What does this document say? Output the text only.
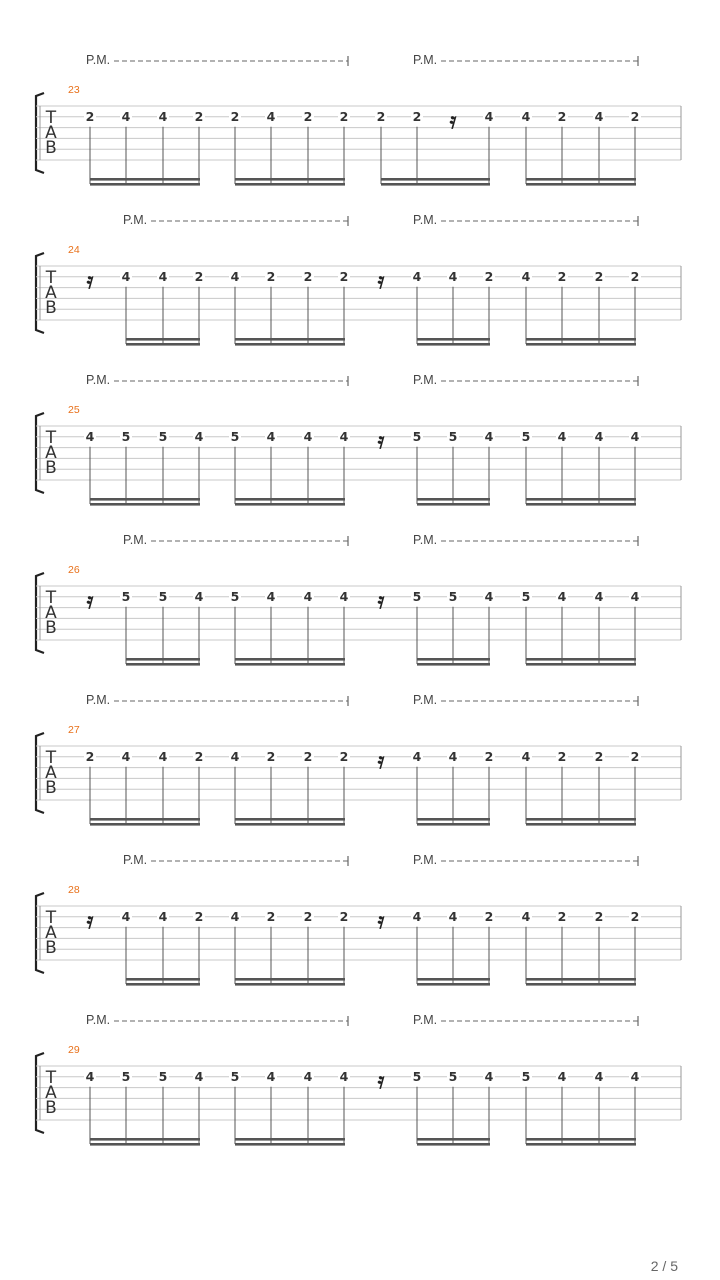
23
T
A
B
P.M.	P.M.
2 4 4 2 2 4 2 2 2 2 𝄿 4 4 2 4 2
24
T
A
B
P.M.	P.M.
𝄿 4 4 2 4 2 2 2 𝄿 4 4 2 4 2 2 2
25
T
A
B
P.M.	P.M.
4 5 5 4 5 4 4 4 𝄿 5 5 4 5 4 4 4
26
T
A
B
P.M.	P.M.
𝄿 5 5 4 5 4 4 4 𝄿 5 5 4 5 4 4 4
27
T
A
B
P.M.	P.M.
2 4 4 2 4 2 2 2 𝄿 4 4 2 4 2 2 2
28
T
A
B
P.M.	P.M.
𝄿 4 4 2 4 2 2 2 𝄿 4 4 2 4 2 2 2
29
T
A
B
P.M.	P.M.
4 5 5 4 5 4 4 4 𝄿 5 5 4 5 4 4 4
2 / 5
